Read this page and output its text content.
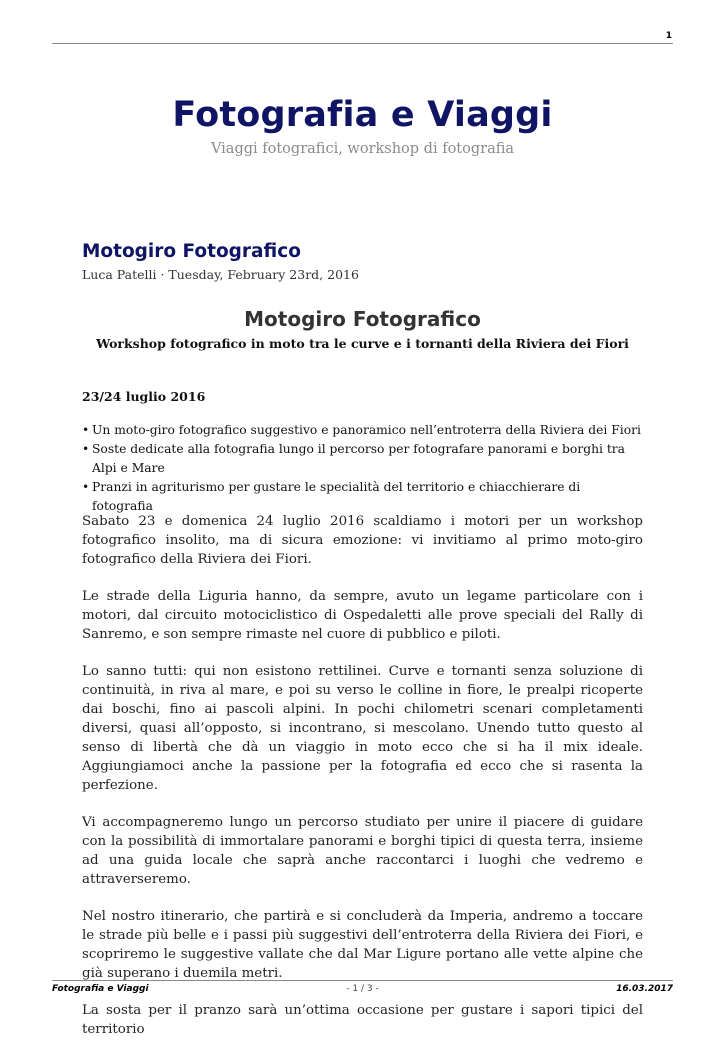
1
Fotografia e Viaggi
Viaggi fotografici, workshop di fotografia
Motogiro Fotografico
Luca Patelli · Tuesday, February 23rd, 2016
Motogiro Fotografico
Workshop fotografico in moto tra le curve e i tornanti della Riviera dei Fiori
23/24 luglio 2016
• Un moto-giro fotografico suggestivo e panoramico nell’entroterra della Riviera dei Fiori
• Soste dedicate alla fotografia lungo il percorso per fotografare panorami e borghi tra Alpi e Mare
• Pranzi in agriturismo per gustare le specialità del territorio e chiacchierare di fotografia

Sabato 23 e domenica 24 luglio 2016 scaldiamo i motori per un workshop fotografico insolito, ma di sicura emozione: vi invitiamo al primo moto-giro fotografico della Riviera dei Fiori.

Le strade della Liguria hanno, da sempre, avuto un legame particolare con i motori, dal circuito motociclistico di Ospedaletti alle prove speciali del Rally di Sanremo, e son sempre rimaste nel cuore di pubblico e piloti.

Lo sanno tutti: qui non esistono rettilinei. Curve e tornanti senza soluzione di continuità, in riva al mare, e poi su verso le colline in fiore, le prealpi ricoperte dai boschi, fino ai pascoli alpini. In pochi chilometri scenari completamenti diversi, quasi all’opposto, si incontrano, si mescolano. Unendo tutto questo al senso di libertà che dà un viaggio in moto ecco che si ha il mix ideale. Aggiungiamoci anche la passione per la fotografia ed ecco che si rasenta la perfezione.

Vi accompagneremo lungo un percorso studiato per unire il piacere di guidare con la possibilità di immortalare panorami e borghi tipici di questa terra, insieme ad una guida locale che saprà anche raccontarci i luoghi che vedremo e attraverseremo.

Nel nostro itinerario, che partirà e si concluderà da Imperia, andremo a toccare le strade più belle e i passi più suggestivi dell’entroterra della Riviera dei Fiori, e scopriremo le suggestive vallate che dal Mar Ligure portano alle vette alpine che già superano i duemila metri.

La sosta per il pranzo sarà un’ottima occasione per gustare i sapori tipici del territorio

Fotografia e Viaggi	- 1 / 3 -	16.03.2017
